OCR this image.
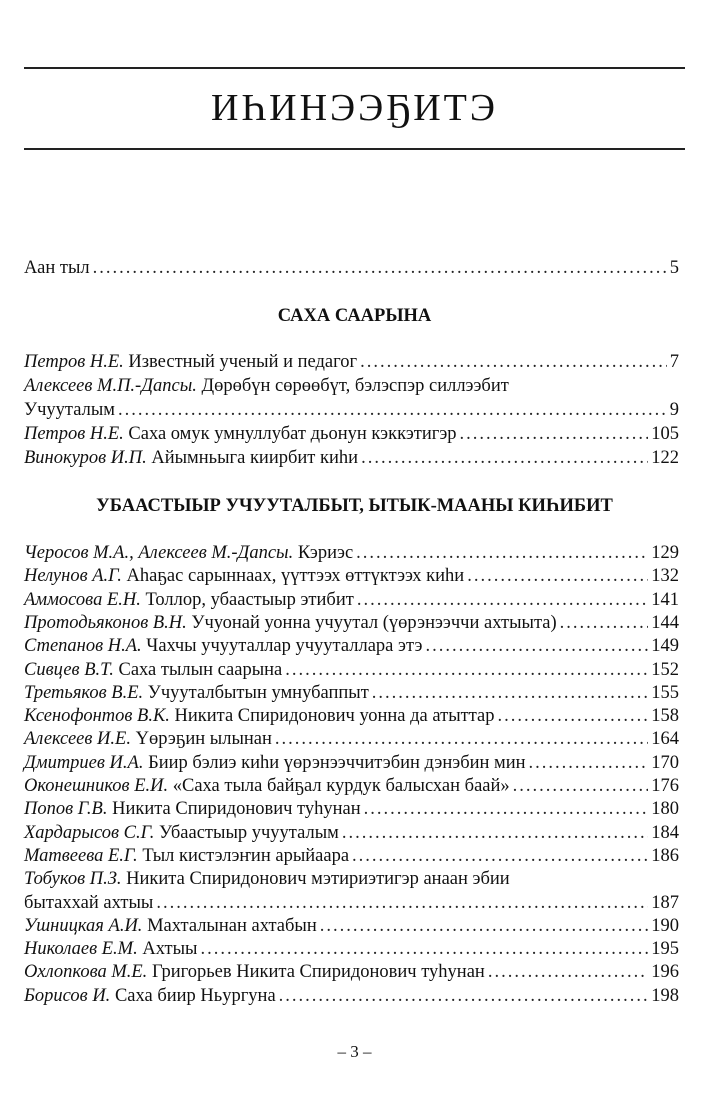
ИҺИНЭЭҔИТЭ
Аан тыл .....	5
САХА СААРЫНА
Петров Н.Е. Известный ученый и педагог .....	7
Алексеев М.П.-Дапсы. Дөрөбүн сөрөөбүт, бэлэспэр силлээбит
Учууталым .....	9
Петров Н.Е. Саха омук умнуллубат дьонун кэккэтигэр .....	105
Винокуров И.П. Айымньыга киирбит киһи .....	122
УБААСТЫЫР УЧУУТАЛБЫТ, ЫТЫК-МААНЫ КИҺИБИТ
Черосов М.А., Алексеев М.-Дапсы. Кэриэс .....	129
Нелунов А.Г. Аһаҕас сарыннаах, үүттээх өттүктээх киһи .....	132
Аммосова Е.Н. Толлор, убаастыыр этибит .....	141
Протодьяконов В.Н. Учуонай уонна учуутал (үөрэнээччи ахтыыта) .....	144
Степанов Н.А. Чахчы учууталлар учууталлара этэ .....	149
Сивцев В.Т. Саха тылын саарына .....	152
Третьяков В.Е. Учууталбытын умнубаппыт .....	155
Ксенофонтов В.К. Никита Спиридонович уонна да атыттар .....	158
Алексеев И.Е. Үөрэҕин ылынан .....	164
Дмитриев И.А. Биир бэлиэ киһи үөрэнээччитэбин дэнэбин мин .....	170
Оконешников Е.И. «Саха тыла байҕал курдук балысхан баай» .....	176
Попов Г.В. Никита Спиридонович туһунан .....	180
Хардарысов С.Г. Убаастыыр учууталым .....	184
Матвеева Е.Г. Тыл кистэлэҥин арыйаара .....	186
Тобуков П.З. Никита Спиридонович мэтириэтигэр анаан эбии
бытаххай ахтыы .....	187
Ушницкая А.И. Махталынан ахтабын .....	190
Николаев Е.М. Ахтыы .....	195
Охлопкова М.Е. Григорьев Никита Спиридонович туһунан .....	196
Борисов И. Саха биир Ньургуна .....	198
– 3 –
